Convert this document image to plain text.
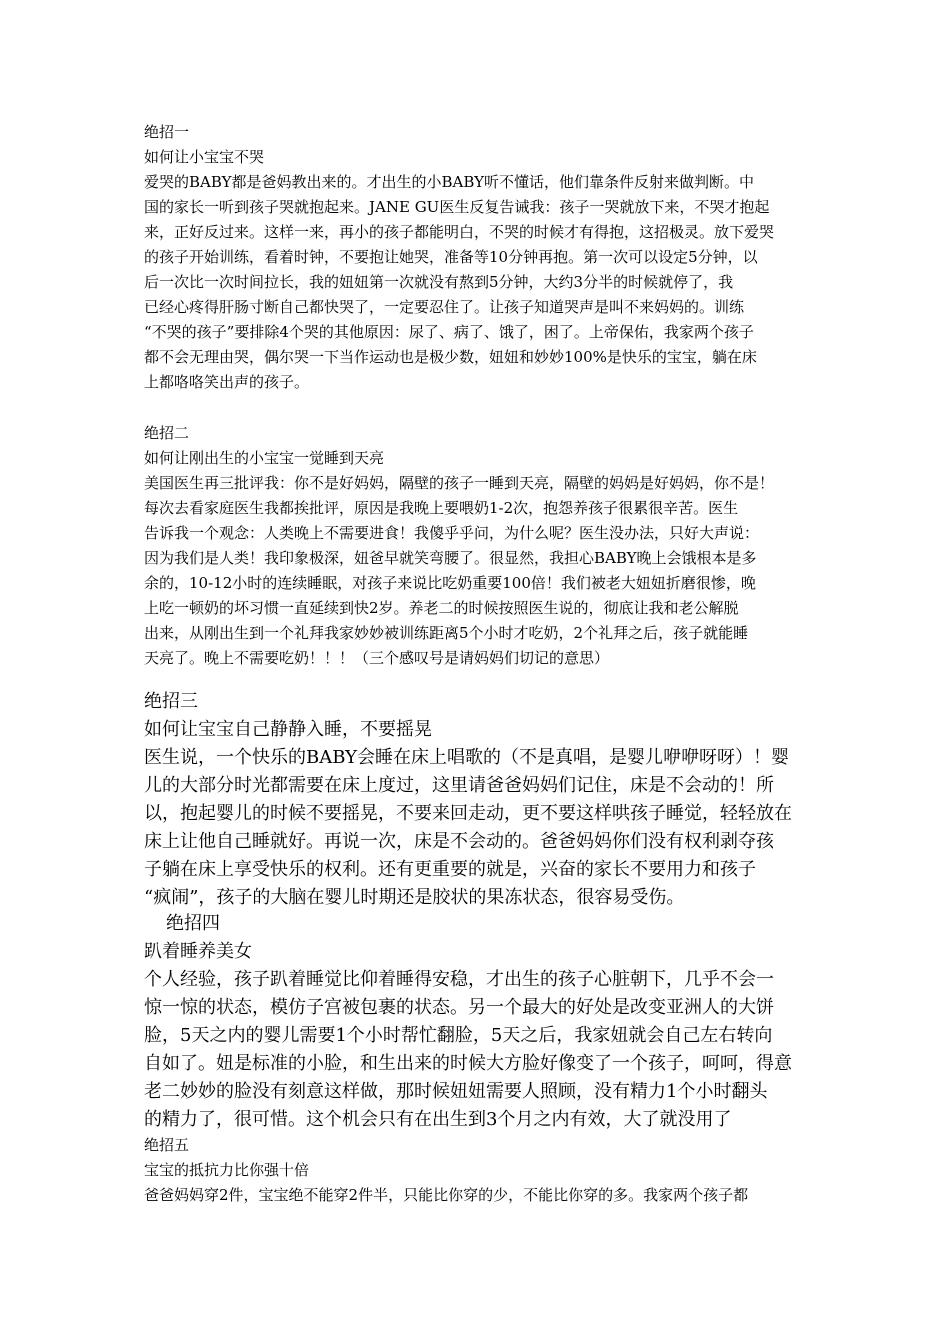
绝招一
如何让小宝宝不哭
爱哭的BABY都是爸妈教出来的。才出生的小BABY听不懂话，他们靠条件反射来做判断。中
国的家长一听到孩子哭就抱起来。JANE GU医生反复告诫我：孩子一哭就放下来，不哭才抱起
来，正好反过来。这样一来，再小的孩子都能明白，不哭的时候才有得抱，这招极灵。放下爱哭
的孩子开始训练，看着时钟，不要抱让她哭，准备等10分钟再抱。第一次可以设定5分钟，以
后一次比一次时间拉长，我的妞妞第一次就没有熬到5分钟，大约3分半的时候就停了，我
已经心疼得肝肠寸断自己都快哭了，一定要忍住了。让孩子知道哭声是叫不来妈妈的。训练
“不哭的孩子”要排除4个哭的其他原因：尿了、病了、饿了，困了。上帝保佑，我家两个孩子
都不会无理由哭，偶尔哭一下当作运动也是极少数，妞妞和妙妙100%是快乐的宝宝，躺在床
上都咯咯笑出声的孩子。
绝招二
如何让刚出生的小宝宝一觉睡到天亮
美国医生再三批评我：你不是好妈妈，隔壁的孩子一睡到天亮，隔壁的妈妈是好妈妈，你不是！
每次去看家庭医生我都挨批评，原因是我晚上要喂奶1-2次，抱怨养孩子很累很辛苦。医生
告诉我一个观念：人类晚上不需要进食！我傻乎乎问，为什么呢？医生没办法，只好大声说：
因为我们是人类！我印象极深，妞爸早就笑弯腰了。很显然，我担心BABY晚上会饿根本是多
余的，10-12小时的连续睡眠，对孩子来说比吃奶重要100倍！我们被老大妞妞折磨很惨，晚
上吃一顿奶的坏习惯一直延续到快2岁。养老二的时候按照医生说的，彻底让我和老公解脱
出来，从刚出生到一个礼拜我家妙妙被训练距离5个小时才吃奶，2个礼拜之后，孩子就能睡
天亮了。晚上不需要吃奶！！！（三个感叹号是请妈妈们切记的意思）
绝招三
如何让宝宝自己静静入睡，不要摇晃
医生说，一个快乐的BABY会睡在床上唱歌的（不是真唱，是婴儿咿咿呀呀）！婴
儿的大部分时光都需要在床上度过，这里请爸爸妈妈们记住，床是不会动的！所
以，抱起婴儿的时候不要摇晃，不要来回走动，更不要这样哄孩子睡觉，轻轻放在
床上让他自己睡就好。再说一次，床是不会动的。爸爸妈妈你们没有权利剥夺孩
子躺在床上享受快乐的权利。还有更重要的就是，兴奋的家长不要用力和孩子
“疯闹”，孩子的大脑在婴儿时期还是胶状的果冻状态，很容易受伤。
绝招四
趴着睡养美女
个人经验，孩子趴着睡觉比仰着睡得安稳，才出生的孩子心脏朝下，几乎不会一
惊一惊的状态，模仿子宫被包裹的状态。另一个最大的好处是改变亚洲人的大饼
脸，5天之内的婴儿需要1个小时帮忙翻脸，5天之后，我家妞就会自己左右转向
自如了。妞是标准的小脸，和生出来的时候大方脸好像变了一个孩子，呵呵，得意
老二妙妙的脸没有刻意这样做，那时候妞妞需要人照顾，没有精力1个小时翻头
的精力了，很可惜。这个机会只有在出生到3个月之内有效，大了就没用了
绝招五
宝宝的抵抗力比你强十倍
爸爸妈妈穿2件，宝宝绝不能穿2件半，只能比你穿的少，不能比你穿的多。我家两个孩子都
